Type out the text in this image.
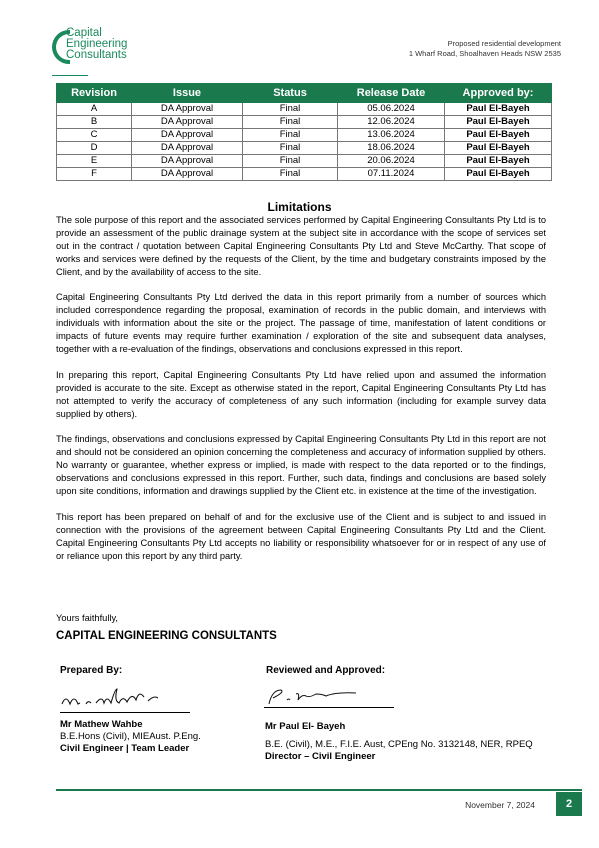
Capital
Engineering
Consultants
Proposed residential development
1 Wharf Road, Shoalhaven Heads NSW 2535
Revision	Issue	Status	Release Date	Approved by:
A	DA Approval	Final	05.06.2024	Paul El-Bayeh
B	DA Approval	Final	12.06.2024	Paul El-Bayeh
C	DA Approval	Final	13.06.2024	Paul El-Bayeh
D	DA Approval	Final	18.06.2024	Paul El-Bayeh
E	DA Approval	Final	20.06.2024	Paul El-Bayeh
F	DA Approval	Final	07.11.2024	Paul El-Bayeh
Limitations

The sole purpose of this report and the associated services performed by Capital Engineering Consultants Pty Ltd is to provide an assessment of the public drainage system at the subject site in accordance with the scope of services set out in the contract / quotation between Capital Engineering Consultants Pty Ltd and Steve McCarthy. That scope of works and services were defined by the requests of the Client, by the time and budgetary constraints imposed by the Client, and by the availability of access to the site.

Capital Engineering Consultants Pty Ltd derived the data in this report primarily from a number of sources which included correspondence regarding the proposal, examination of records in the public domain, and interviews with individuals with information about the site or the project. The passage of time, manifestation of latent conditions or impacts of future events may require further examination / exploration of the site and subsequent data analyses, together with a re-evaluation of the findings, observations and conclusions expressed in this report.

In preparing this report, Capital Engineering Consultants Pty Ltd have relied upon and assumed the information provided is accurate to the site. Except as otherwise stated in the report, Capital Engineering Consultants Pty Ltd has not attempted to verify the accuracy of completeness of any such information (including for example survey data supplied by others).

The findings, observations and conclusions expressed by Capital Engineering Consultants Pty Ltd in this report are not and should not be considered an opinion concerning the completeness and accuracy of information supplied by others. No warranty or guarantee, whether express or implied, is made with respect to the data reported or to the findings, observations and conclusions expressed in this report. Further, such data, findings and conclusions are based solely upon site conditions, information and drawings supplied by the Client etc. in existence at the time of the investigation.

This report has been prepared on behalf of and for the exclusive use of the Client and is subject to and issued in connection with the provisions of the agreement between Capital Engineering Consultants Pty Ltd and the Client. Capital Engineering Consultants Pty Ltd accepts no liability or responsibility whatsoever for or in respect of any use of or reliance upon this report by any third party.

Yours faithfully,
CAPITAL ENGINEERING CONSULTANTS
Prepared By:	Reviewed and Approved:
Mr Mathew Wahbe
B.E.Hons (Civil), MIEAust. P.Eng.
Civil Engineer | Team Leader
Mr Paul El- Bayeh
B.E. (Civil), M.E., F.I.E. Aust, CPEng No. 3132148, NER, RPEQ
Director – Civil Engineer
November 7, 2024	2
